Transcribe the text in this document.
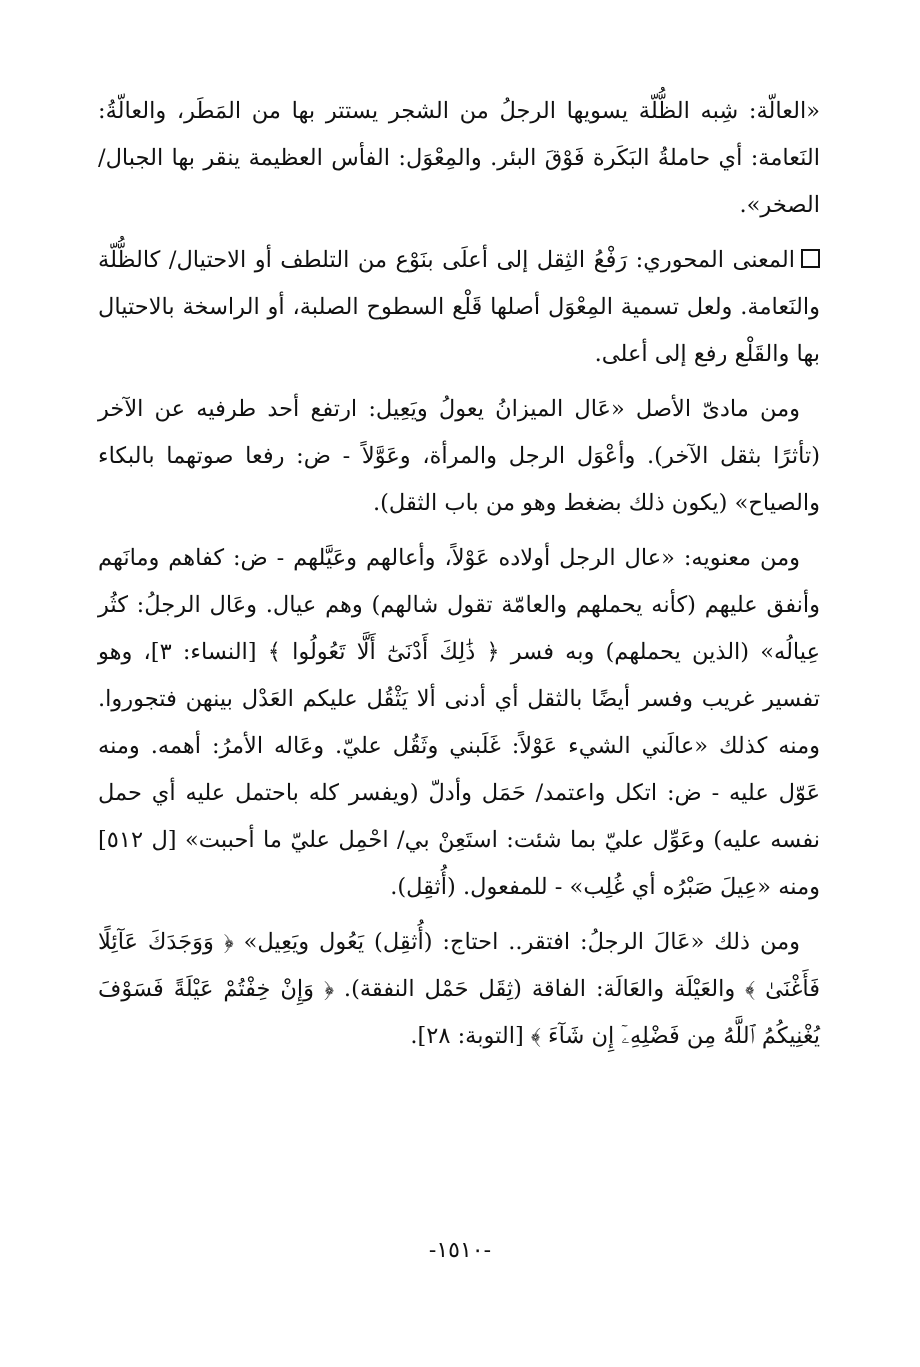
«العالّة: شِبه الظُّلّة يسويها الرجلُ من الشجر يستتر بها من المَطَر، والعالّةُ: النَعامة: أي حاملةُ البَكَرة فَوْقَ البئر. والمِعْوَل: الفأس العظيمة ينقر بها الجبال/ الصخر».

المعنى المحوري: رَفْعُ الثِقل إلى أعلَى بنَوْع من التلطف أو الاحتيال/ كالظُّلّة والنَعامة. ولعل تسمية المِعْوَل أصلها قَلْع السطوح الصلبة، أو الراسخة بالاحتيال بها والقَلْع رفع إلى أعلى.

ومن مادىّ الأصل «عَال الميزانُ يعولُ ويَعِيل: ارتفع أحد طرفيه عن الآخر (تأثرًا بثقل الآخر). وأعْوَل الرجل والمرأة، وعَوَّلاً - ض: رفعا صوتهما بالبكاء والصياح» (يكون ذلك بضغط وهو من باب الثقل).

ومن معنويه: «عال الرجل أولاده عَوْلاً، وأعالهم وعَيَّلهم - ض: كفاهم ومانَهم وأنفق عليهم (كأنه يحملهم والعامّة تقول شالهم) وهم عيال. وعَال الرجلُ: كثُر عِيالُه» (الذين يحملهم) وبه فسر ﴿ ذَٰلِكَ أَدْنَىٰٓ أَلَّا تَعُولُوا ﴾ [النساء: ٣]، وهو تفسير غريب وفسر أيضًا بالثقل أي أدنى ألا يَثْقُل عليكم العَدْل بينهن فتجوروا. ومنه كذلك «عالَني الشيء عَوْلاً: غَلَبني وثَقُل عليّ. وعَاله الأمرُ: أهمه. ومنه عَوّل عليه - ض: اتكل واعتمد/ حَمَل وأدلّ (ويفسر كله باحتمل عليه أي حمل نفسه عليه) وعَوِّل عليّ بما شئت: استَعِنْ بي/ احْمِل عليّ ما أحببت» [ل ٥١٢] ومنه «عِيلَ صَبْرُه أي غُلِب» - للمفعول. (أُثقِل).

ومن ذلك «عَالَ الرجلُ: افتقر.. احتاج: (أُثقِل) يَعُول ويَعِيل» ﴿ وَوَجَدَكَ عَآئِلًا فَأَغْنَىٰ ﴾ والعَيْلَة والعَالَة: الفاقة (ثِقَل حَمْل النفقة). ﴿ وَإِنْ خِفْتُمْ عَيْلَةً فَسَوْفَ يُغْنِيكُمُ ٱللَّهُ مِن فَضْلِهِۦٓ إِن شَآءَ ﴾ [التوبة: ٢٨].

-١٥١٠-
